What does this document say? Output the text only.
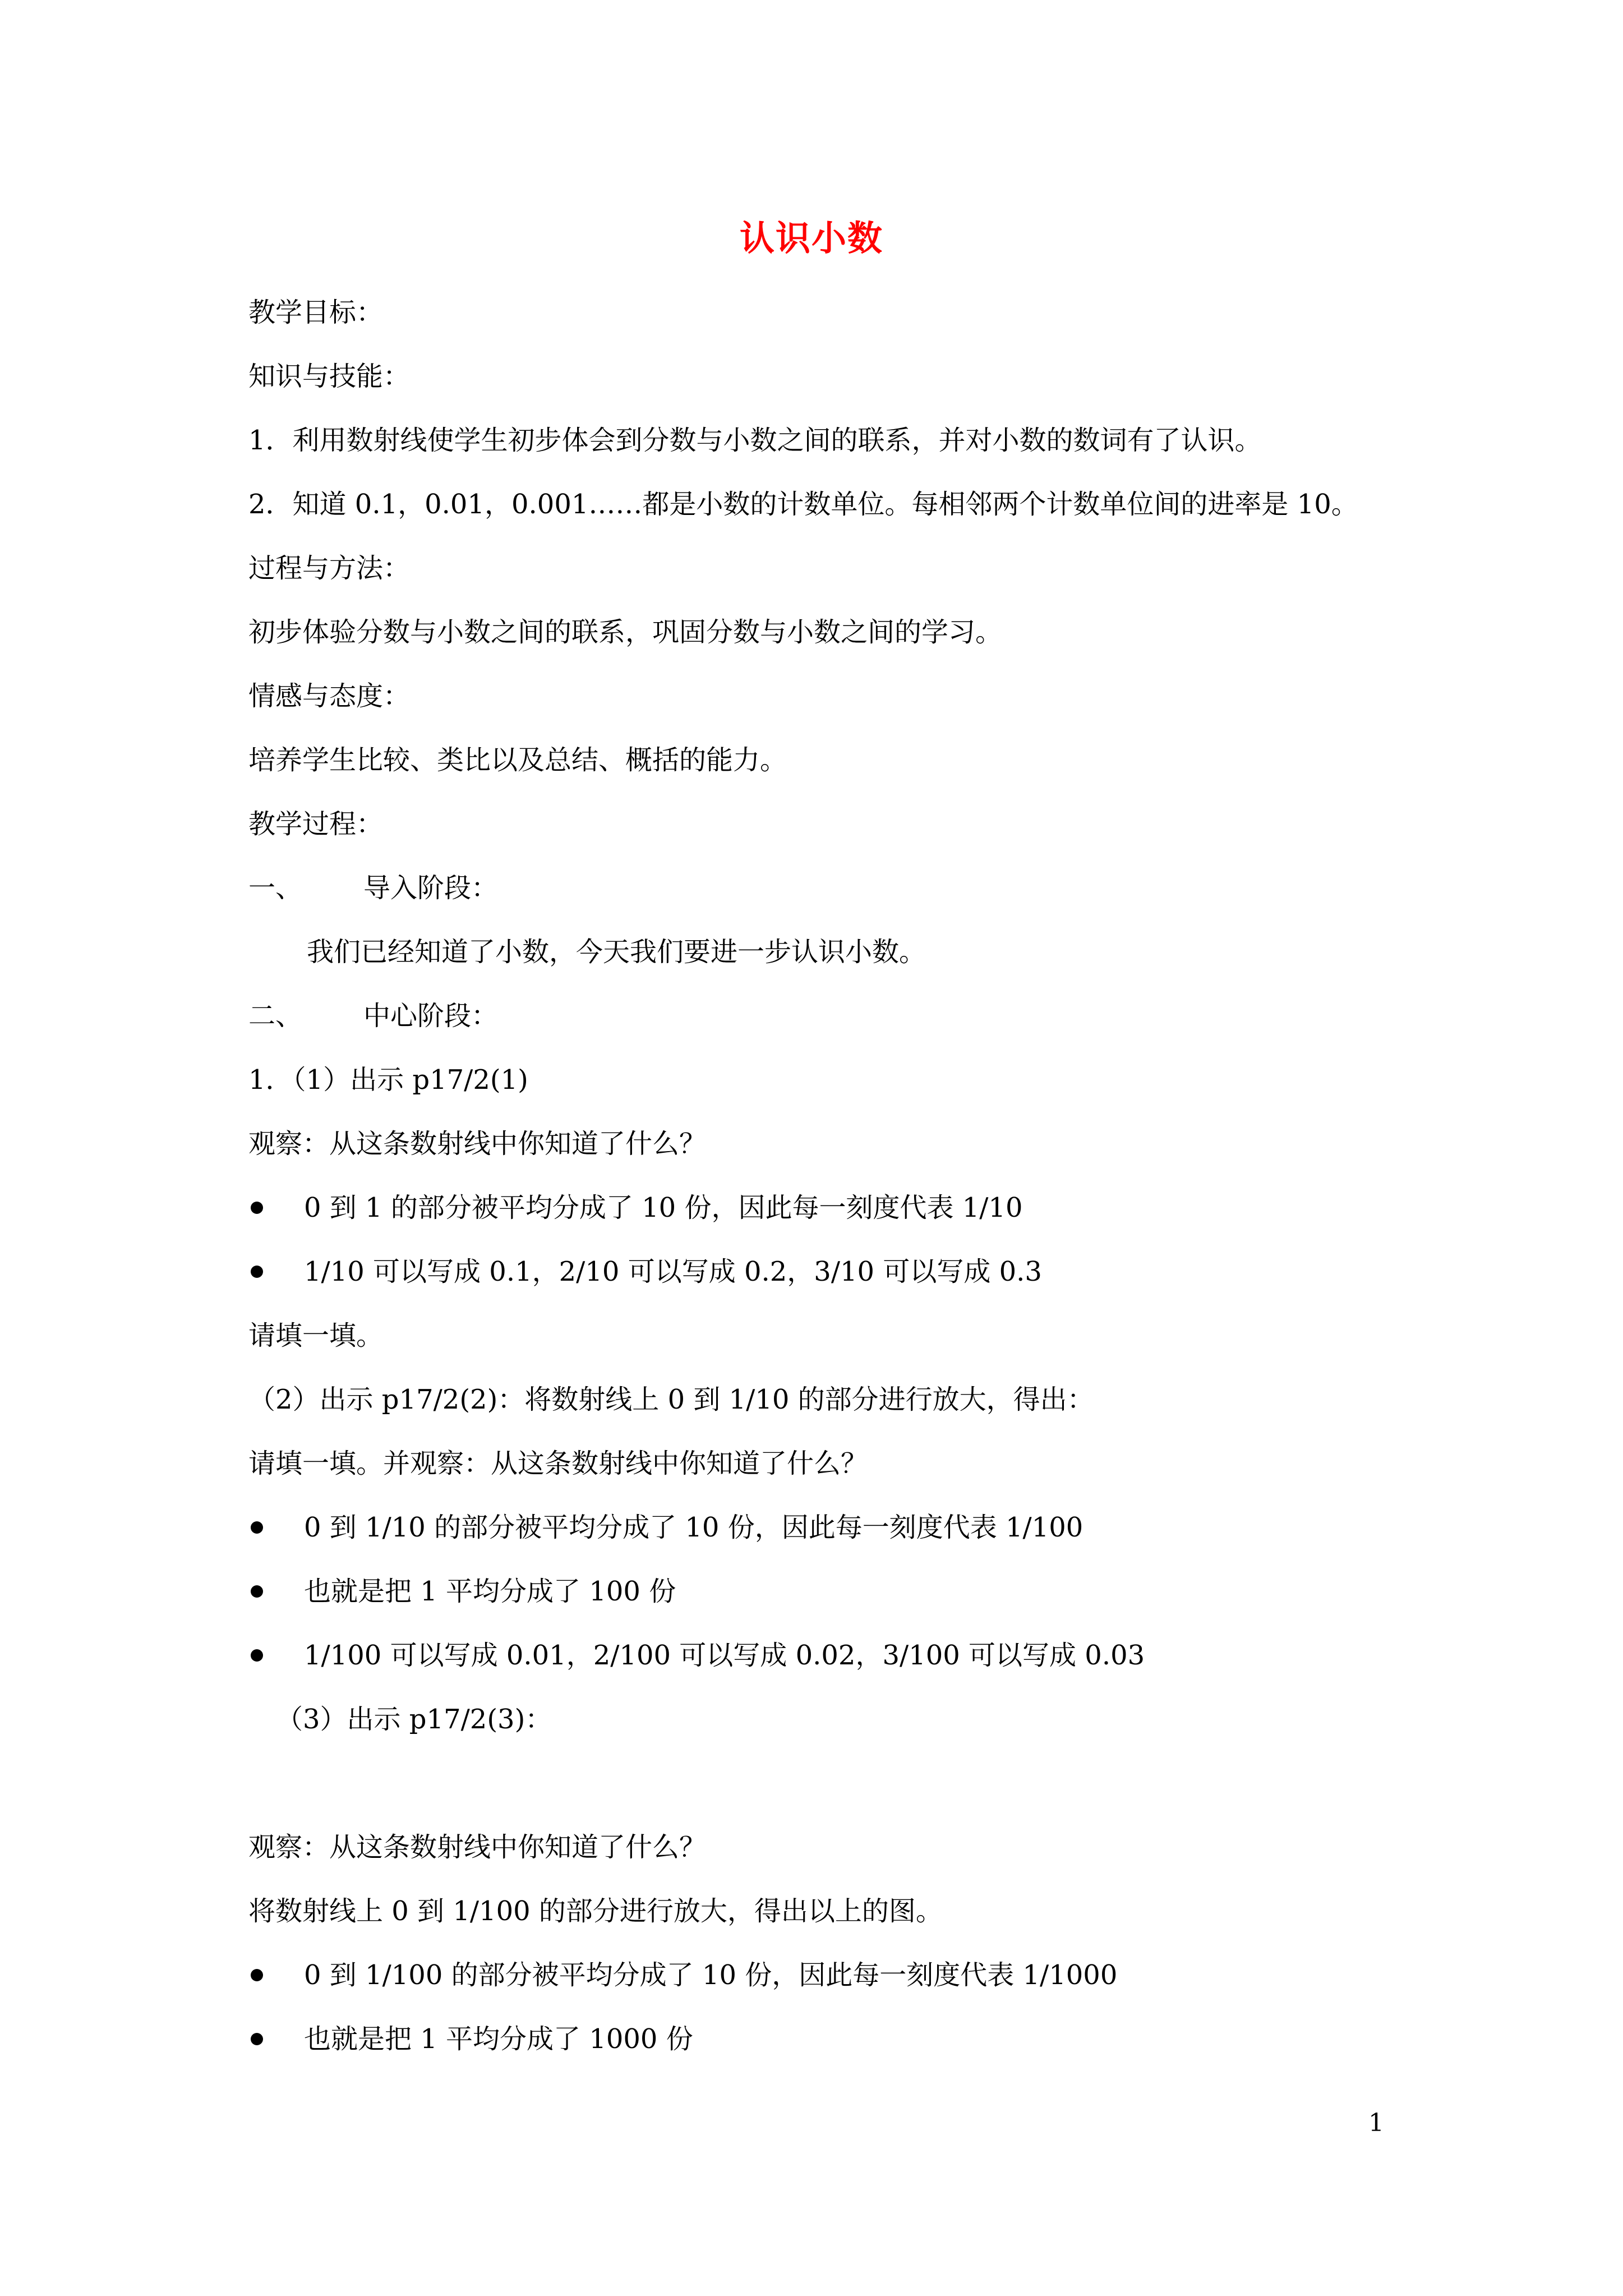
认识小数
教学目标：
知识与技能：
1．利用数射线使学生初步体会到分数与小数之间的联系，并对小数的数词有了认识。
2．知道 0.1，0.01，0.001……都是小数的计数单位。每相邻两个计数单位间的进率是 10。
过程与方法：
初步体验分数与小数之间的联系，巩固分数与小数之间的学习。
情感与态度：
培养学生比较、类比以及总结、概括的能力。
教学过程：
一、 导入阶段：
我们已经知道了小数，今天我们要进一步认识小数。
二、 中心阶段：
1．（1）出示 p17/2(1)
观察：从这条数射线中你知道了什么？
0 到 1 的部分被平均分成了 10 份，因此每一刻度代表 1/10
1/10 可以写成 0.1，2/10 可以写成 0.2，3/10 可以写成 0.3
请填一填。
（2）出示 p17/2(2)：将数射线上 0 到 1/10 的部分进行放大，得出：
请填一填。并观察：从这条数射线中你知道了什么？
0 到 1/10 的部分被平均分成了 10 份，因此每一刻度代表 1/100
也就是把 1 平均分成了 100 份
1/100 可以写成 0.01，2/100 可以写成 0.02，3/100 可以写成 0.03
（3）出示 p17/2(3)：
观察：从这条数射线中你知道了什么？
将数射线上 0 到 1/100 的部分进行放大，得出以上的图。
0 到 1/100 的部分被平均分成了 10 份，因此每一刻度代表 1/1000
也就是把 1 平均分成了 1000 份
1
